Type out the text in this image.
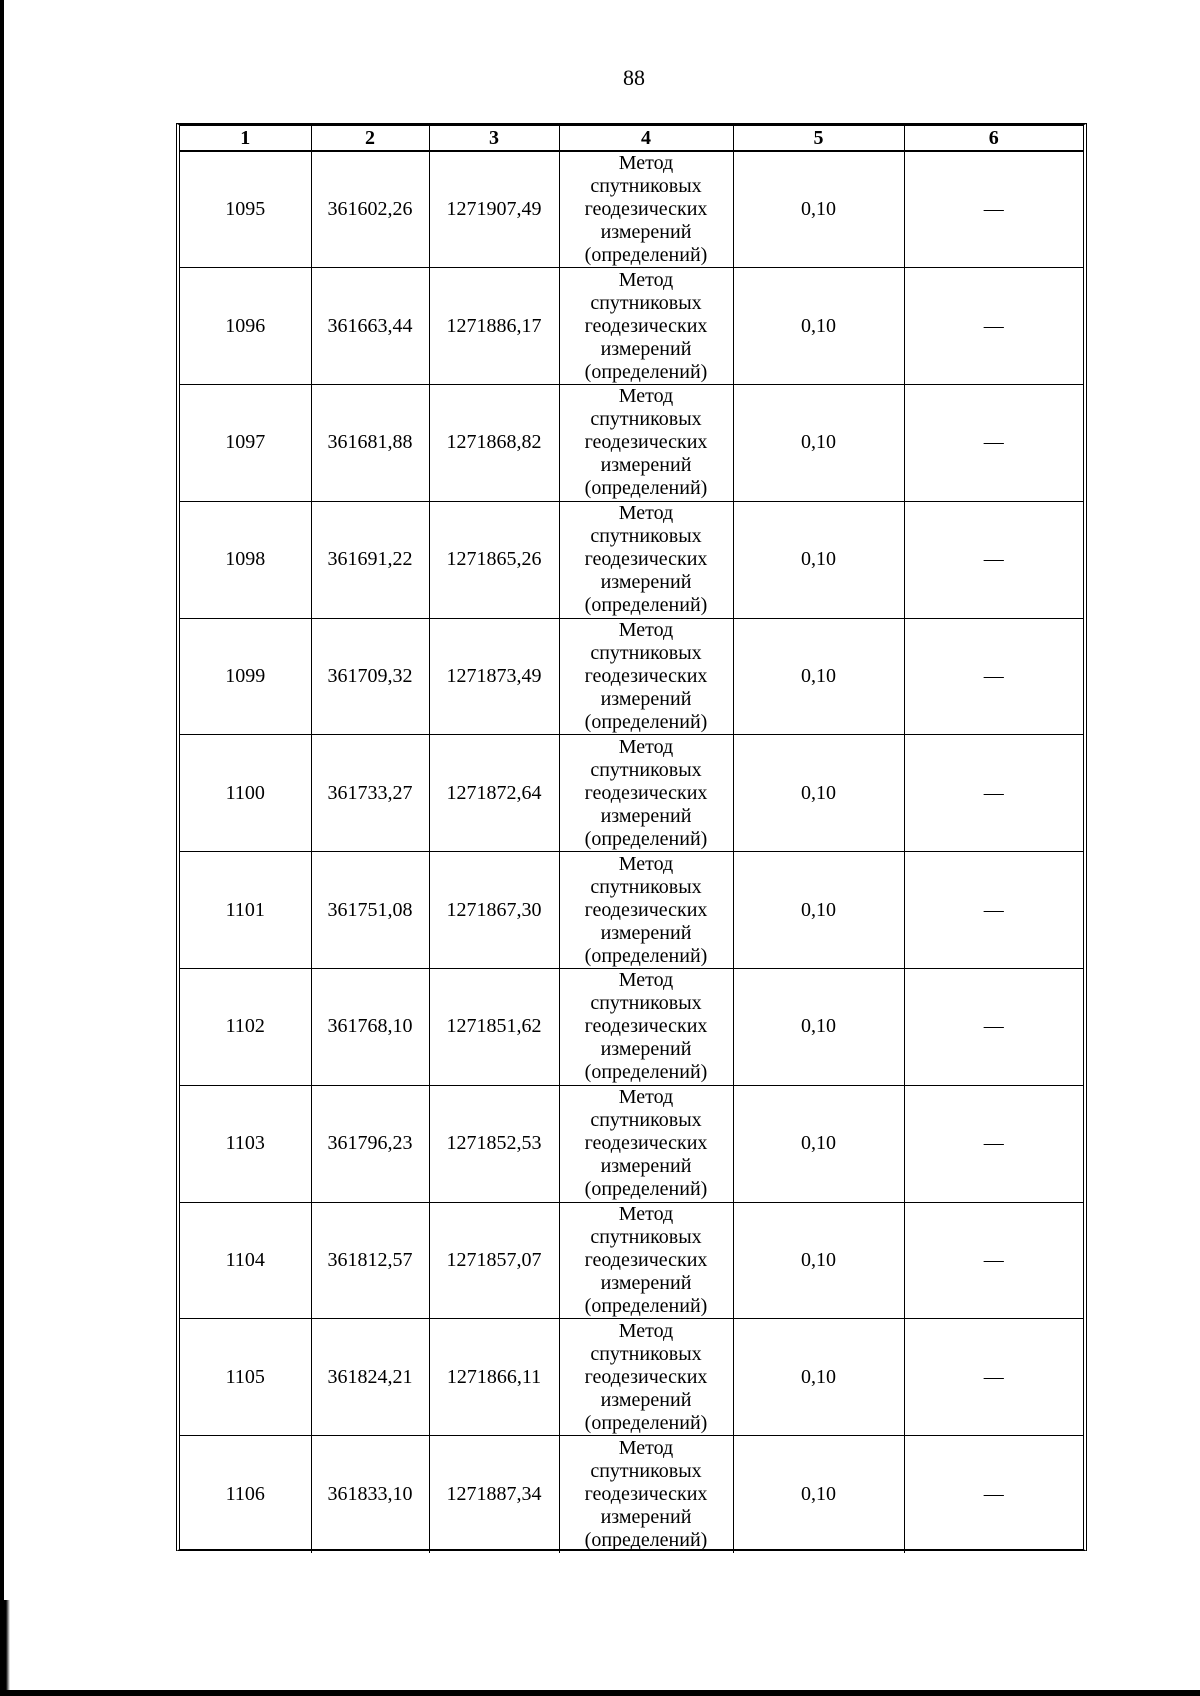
88
1	2	3	4	5	6
1095	361602,26	1271907,49	Метод
спутниковых
геодезических
измерений
(определений)	0,10	—
1096	361663,44	1271886,17	Метод
спутниковых
геодезических
измерений
(определений)	0,10	—
1097	361681,88	1271868,82	Метод
спутниковых
геодезических
измерений
(определений)	0,10	—
1098	361691,22	1271865,26	Метод
спутниковых
геодезических
измерений
(определений)	0,10	—
1099	361709,32	1271873,49	Метод
спутниковых
геодезических
измерений
(определений)	0,10	—
1100	361733,27	1271872,64	Метод
спутниковых
геодезических
измерений
(определений)	0,10	—
1101	361751,08	1271867,30	Метод
спутниковых
геодезических
измерений
(определений)	0,10	—
1102	361768,10	1271851,62	Метод
спутниковых
геодезических
измерений
(определений)	0,10	—
1103	361796,23	1271852,53	Метод
спутниковых
геодезических
измерений
(определений)	0,10	—
1104	361812,57	1271857,07	Метод
спутниковых
геодезических
измерений
(определений)	0,10	—
1105	361824,21	1271866,11	Метод
спутниковых
геодезических
измерений
(определений)	0,10	—
1106	361833,10	1271887,34	Метод
спутниковых
геодезических
измерений
(определений)	0,10	—
